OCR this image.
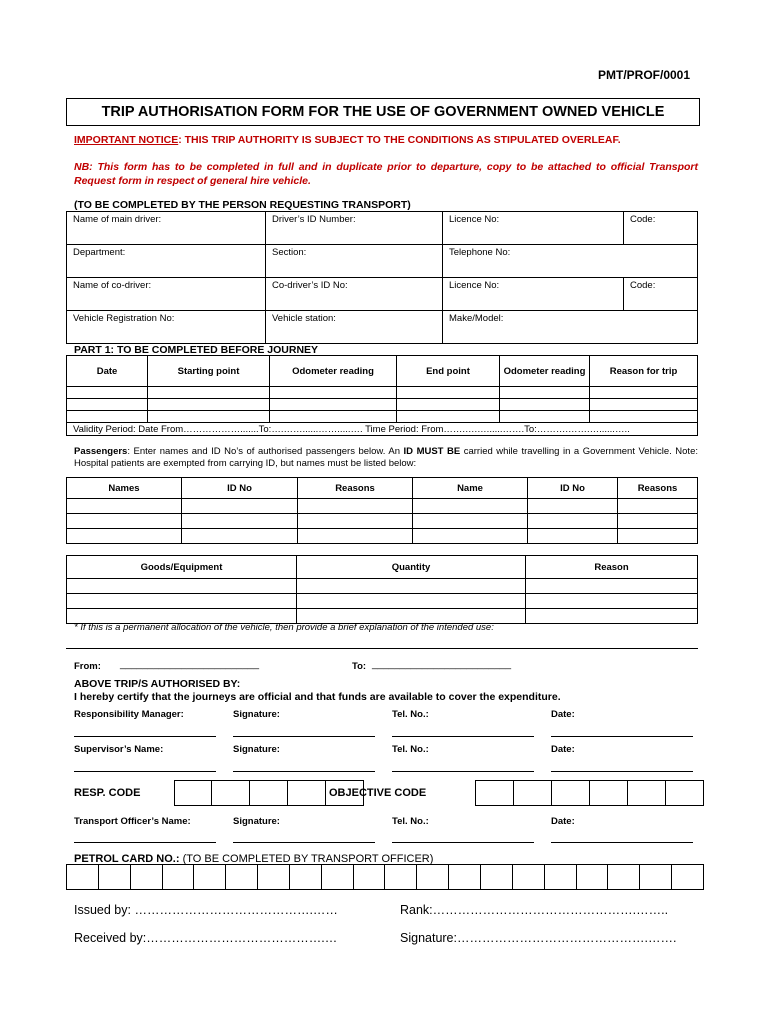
PMT/PROF/0001
TRIP AUTHORISATION FORM FOR THE USE OF GOVERNMENT OWNED VEHICLE
IMPORTANT NOTICE: THIS TRIP AUTHORITY IS SUBJECT TO THE CONDITIONS AS STIPULATED OVERLEAF.
NB: This form has to be completed in full and in duplicate prior to departure, copy to be attached to official Transport Request form in respect of general hire vehicle.
(TO BE COMPLETED BY THE PERSON REQUESTING TRANSPORT)
Name of main driver:	Driver’s ID Number:	Licence No:	Code:
Department:	Section:	Telephone No:	
Name of co-driver:	Co-driver’s ID No:	Licence No:	Code:
Vehicle Registration No:	Vehicle station:	Make/Model:	
PART 1: TO BE COMPLETED BEFORE JOURNEY
Date	Starting point	Odometer reading	End point	Odometer reading	Reason for trip

Validity Period: Date From……………….......To:….……......…….....…. Time Period: From…….….…......…….To:……….…….…......…..					
Passengers: Enter names and ID No’s of authorised passengers below. An ID MUST BE carried while travelling in a Government Vehicle. Note: Hospital patients are exempted from carrying ID, but names must be listed below:
Names	ID No	Reasons	Name	ID No	Reasons

Goods/Equipment	Quantity	Reason

* If this is a permanent allocation of the vehicle, then provide a brief explanation of the intended use:
From: _________________________	To: _________________________
ABOVE TRIP/S AUTHORISED BY:
I hereby certify that the journeys are official and that funds are available to cover the expenditure.
Responsibility Manager:	Signature:	Tel. No.:	Date:
Supervisor’s Name:	Signature:	Tel. No.:	Date:
RESP. CODE	OBJECTIVE CODE
Transport Officer’s Name:	Signature:	Tel. No.:	Date:
PETROL CARD NO.: (TO BE COMPLETED BY TRANSPORT OFFICER)

Issued by: …………………………………….……	Rank:………………………………………….……..
Received by:…………………………………….…	Signature:……………………………………….…….
